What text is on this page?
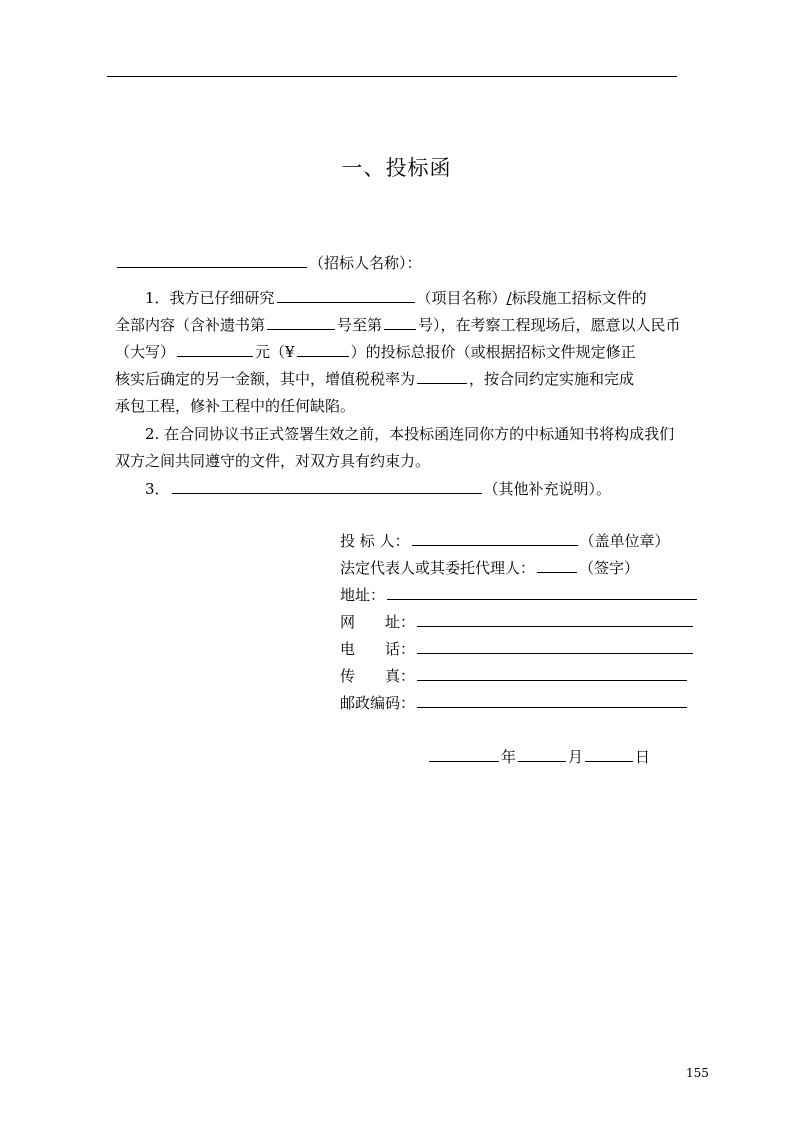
一、投标函
（招标人名称）：
1．我方已仔细研究	（项目名称）/标段施工招标文件的
全部内容（含补遗书第	号至第 号），在考察工程现场后，愿意以人民币
（大写）	元（¥	）的投标总报价（或根据招标文件规定修正
核实后确定的另一金额，其中，增值税税率为	，按合同约定实施和完成
承包工程，修补工程中的任何缺陷。
2. 在合同协议书正式签署生效之前，本投标函连同你方的中标通知书将构成我们
双方之间共同遵守的文件，对双方具有约束力。
3．	（其他补充说明）。
投 标 人：	（盖单位章）
法定代表人或其委托代理人：	（签字）
地址：
网　　址：
电　　话：
传　　真：
邮政编码：
年	月	日
155
